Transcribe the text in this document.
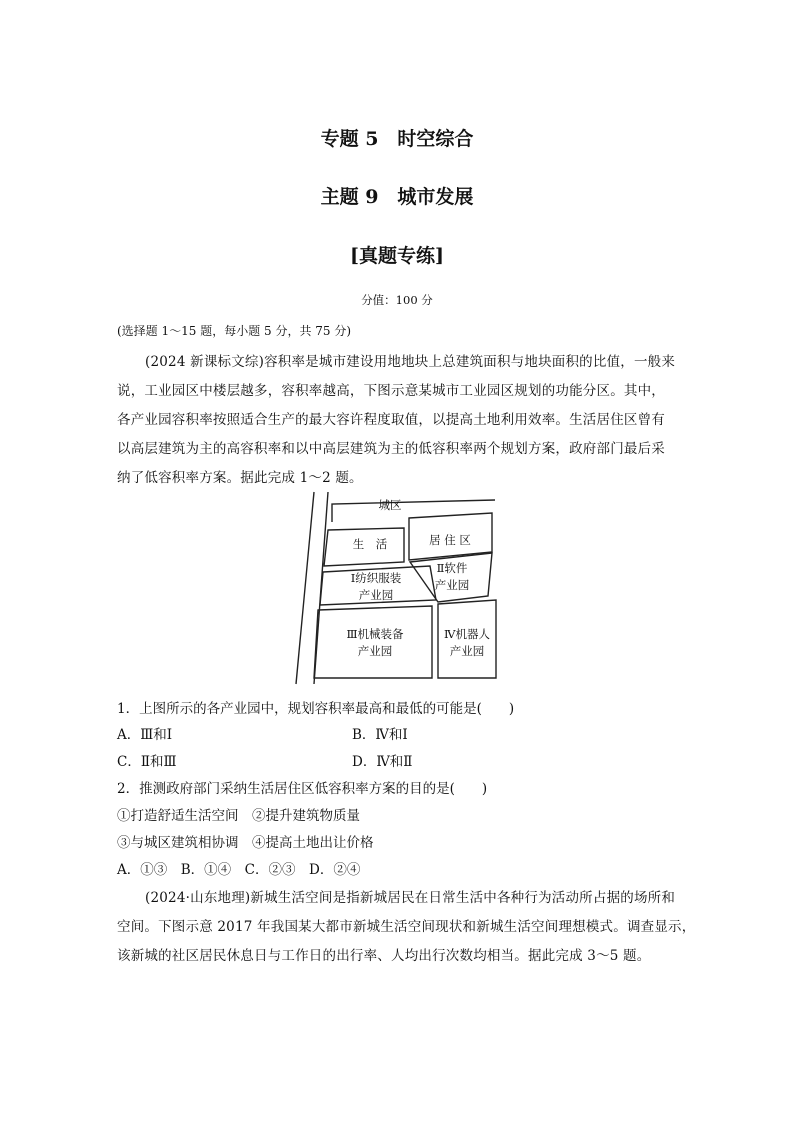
专题 5　时空综合
主题 9　城市发展
[真题专练]
分值：100 分
(选择题 1～15 题，每小题 5 分，共 75 分)
(2024 新课标文综)容积率是城市建设用地地块上总建筑面积与地块面积的比值，一般来
说，工业园区中楼层越多，容积率越高，下图示意某城市工业园区规划的功能分区。其中，
各产业园容积率按照适合生产的最大容许程度取值，以提高土地利用效率。生活居住区曾有
以高层建筑为主的高容积率和以中高层建筑为主的低容积率两个规划方案，政府部门最后采
纳了低容积率方案。据此完成 1～2 题。
城区
生　活	居 住 区
Ⅰ纺织服装
产业园
Ⅱ软件
产业园
Ⅲ机械装备
产业园
Ⅳ机器人
产业园
1．上图所示的各产业园中，规划容积率最高和最低的可能是(　　)
A．Ⅲ和Ⅰ	B．Ⅳ和Ⅰ
C．Ⅱ和Ⅲ	D．Ⅳ和Ⅱ
2．推测政府部门采纳生活居住区低容积率方案的目的是(　　)
①打造舒适生活空间　②提升建筑物质量
③与城区建筑相协调　④提高土地出让价格
A．①③　B．①④　C．②③　D．②④
(2024·山东地理)新城生活空间是指新城居民在日常生活中各种行为活动所占据的场所和
空间。下图示意 2017 年我国某大都市新城生活空间现状和新城生活空间理想模式。调查显示，
该新城的社区居民休息日与工作日的出行率、人均出行次数均相当。据此完成 3～5 题。
